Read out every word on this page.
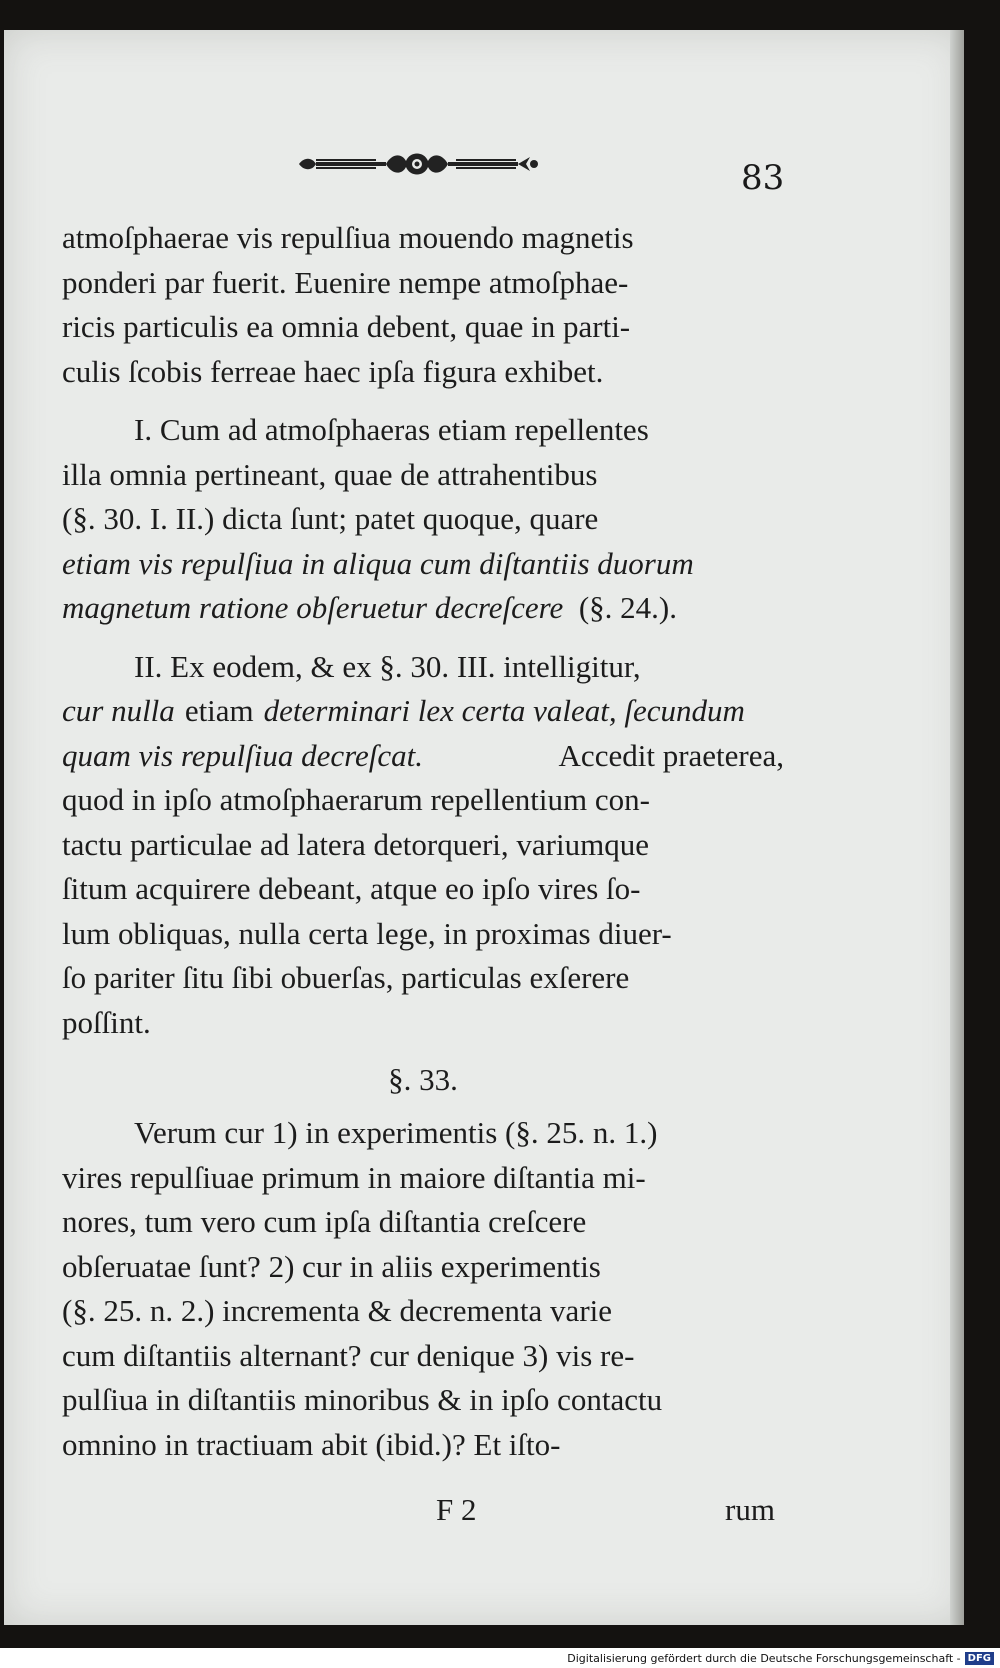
83
atmoſphaerae vis repulſiua mouendo magnetis
ponderi par fuerit. Euenire nempe atmoſphae-
ricis particulis ea omnia debent, quae in parti-
culis ſcobis ferreae haec ipſa figura exhibet.
I. Cum ad atmoſphaeras etiam repellentes
illa omnia pertineant, quae de attrahentibus
(§. 30. I. II.) dicta ſunt; patet quoque, quare
etiam vis repulſiua in aliqua cum diſtantiis duorum
magnetum ratione obſeruetur decreſcere
(§. 24.).
II. Ex eodem, & ex §. 30. III. intelligitur,
cur nulla etiam determinari lex certa valeat, ſecundum
quam vis repulſiua decreſcat.	Accedit praeterea,
quod in ipſo atmoſphaerarum repellentium con-
tactu particulae ad latera detorqueri, variumque
ſitum acquirere debeant, atque eo ipſo vires ſo-
lum obliquas, nulla certa lege, in proximas diuer-
ſo pariter ſitu ſibi obuerſas, particulas exſerere
poſſint.
§. 33.
Verum cur 1) in experimentis (§. 25. n. 1.)
vires repulſiuae primum in maiore diſtantia mi-
nores, tum vero cum ipſa diſtantia creſcere
obſeruatae ſunt? 2) cur in aliis experimentis
(§. 25. n. 2.) incrementa & decrementa varie
cum diſtantiis alternant? cur denique 3) vis re-
pulſiua in diſtantiis minoribus & in ipſo contactu
omnino in tractiuam abit (ibid.)? Et iſto-
F 2	rum
Digitalisierung gefördert durch die Deutsche Forschungsgemeinschaft - DFG
